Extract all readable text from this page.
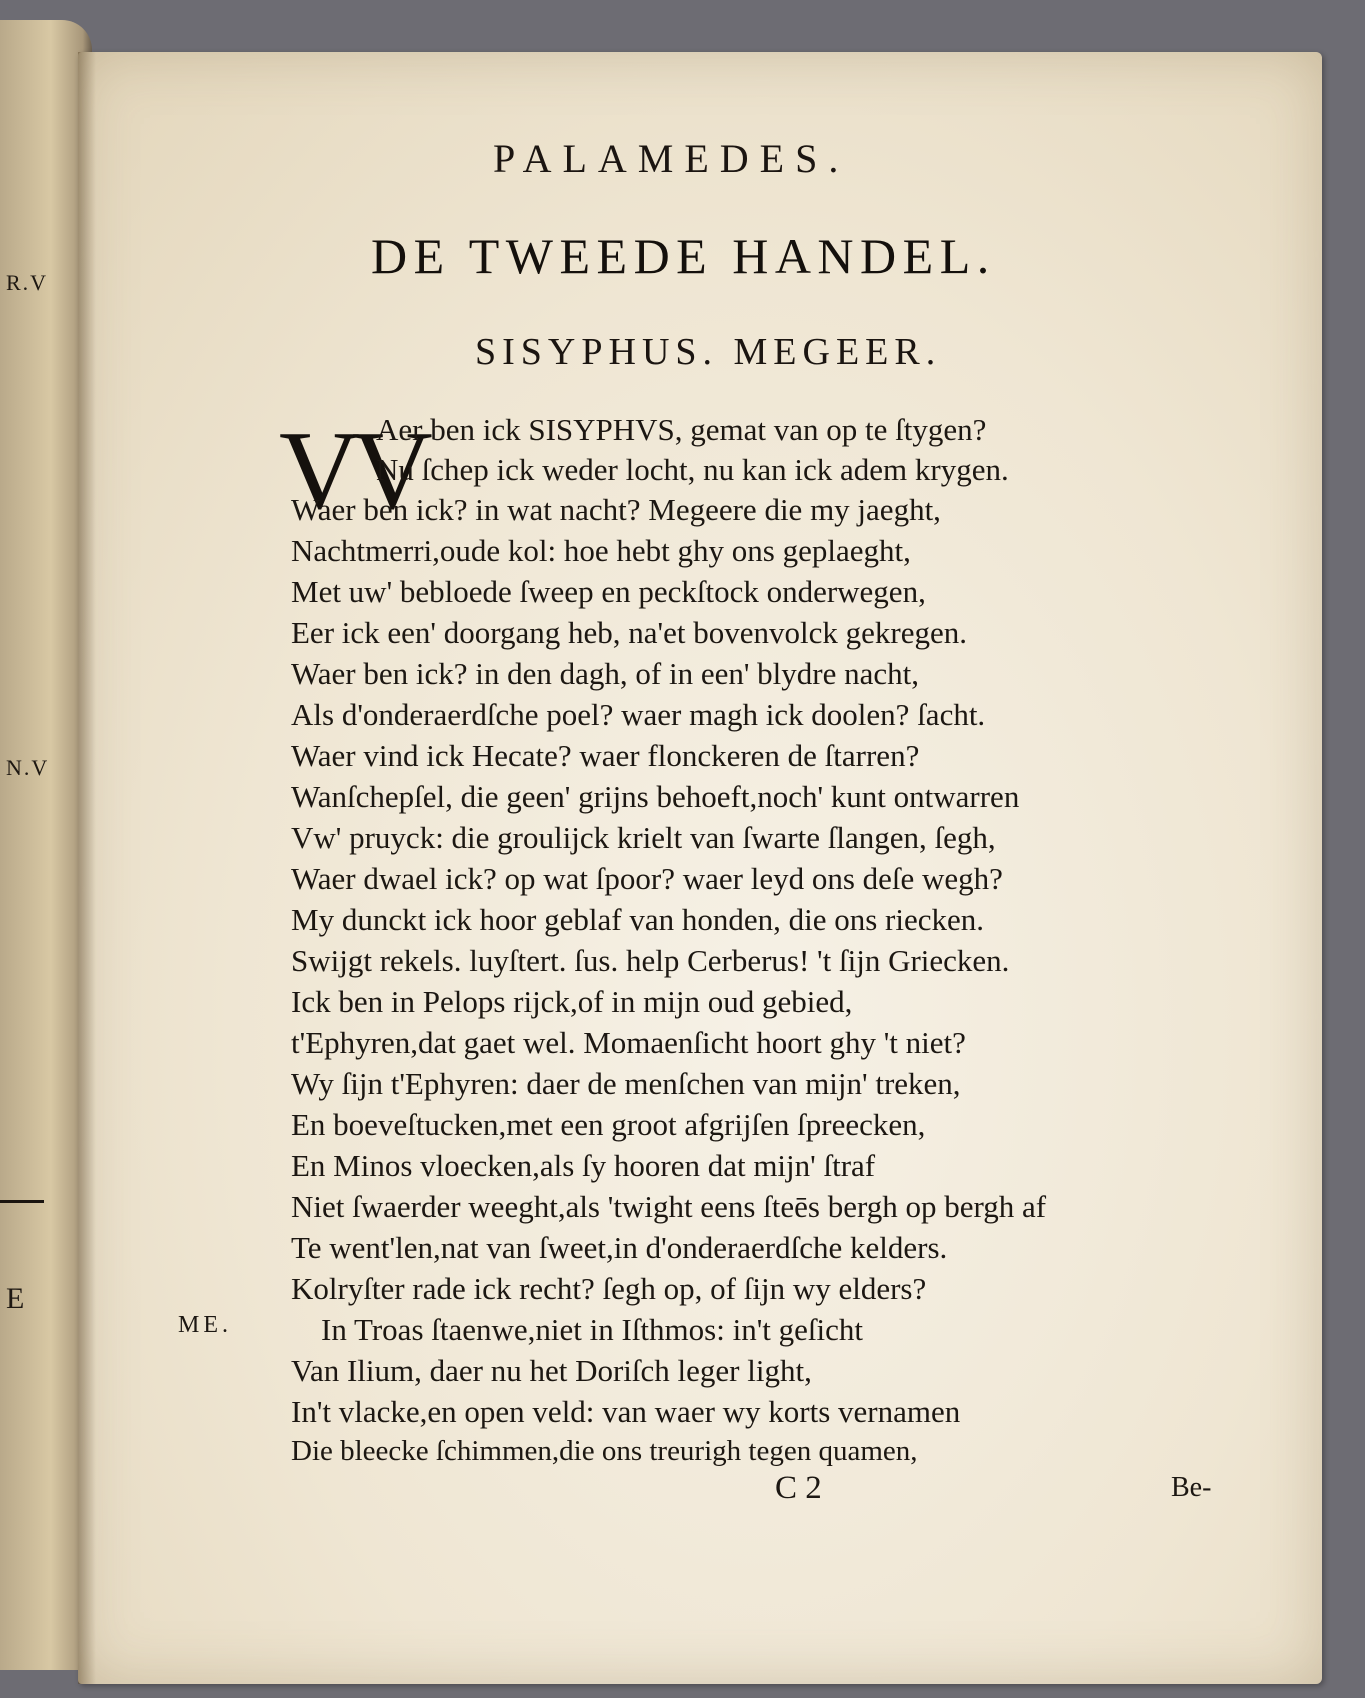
R.V
N.V
E
PALAMEDES.
DE TWEEDE HANDEL.
SISYPHUS. MEGEER.
VV
Aer ben ick SISYPHVS, gemat van op te ſtygen?
Nu ſchep ick weder locht, nu kan ick adem krygen.
Waer ben ick? in wat nacht? Megeere die my jaeght,
Nachtmerri,oude kol: hoe hebt ghy ons geplaeght,
Met uw' bebloede ſweep en peckſtock onderwegen,
Eer ick een' doorgang heb, na'et bovenvolck gekregen.
Waer ben ick? in den dagh, of in een' blydre nacht,
Als d'onderaerdſche poel? waer magh ick doolen? ſacht.
Waer vind ick Hecate? waer flonckeren de ſtarren?
Wanſchepſel, die geen' grijns behoeft,noch' kunt ontwarren
Vw' pruyck: die groulijck krielt van ſwarte ſlangen, ſegh,
Waer dwael ick? op wat ſpoor? waer leyd ons deſe wegh?
My dunckt ick hoor geblaf van honden, die ons riecken.
Swijgt rekels. luyſtert. ſus. help Cerberus! 't ſijn Griecken.
Ick ben in Pelops rijck,of in mijn oud gebied,
t'Ephyren,dat gaet wel. Momaenſicht hoort ghy 't niet?
Wy ſijn t'Ephyren: daer de menſchen van mijn' treken,
En boeveſtucken,met een groot afgrijſen ſpreecken,
En Minos vloecken,als ſy hooren dat mijn' ſtraf
Niet ſwaerder weeght,als 'twight eens ſteēs bergh op bergh af
Te went'len,nat van ſweet,in d'onderaerdſche kelders.
Kolryſter rade ick recht? ſegh op, of ſijn wy elders?
In Troas ſtaenwe,niet in Iſthmos: in't geſicht
Van Ilium, daer nu het Doriſch leger light,
In't vlacke,en open veld: van waer wy korts vernamen
Die bleecke ſchimmen,die ons treurigh tegen quamen,
ME.
C 2	Be-
